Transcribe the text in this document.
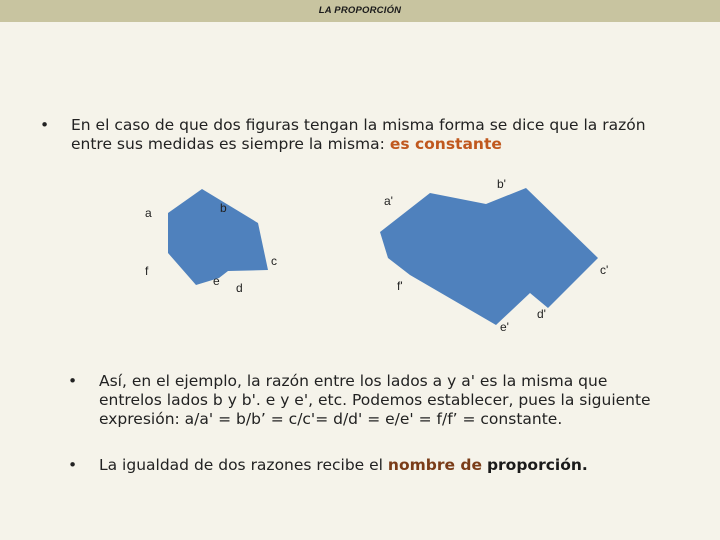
LA PROPORCIÓN
• En el caso de que dos figuras tengan la misma forma se dice que la razón entre sus medidas es siempre la misma: es constante
a	b
c
d
e
f
a'
b'
c'
d'
e'
f'
• Así, en el ejemplo, la razón entre los lados a y a' es la misma que entrelos lados b y b'. e y e', etc. Podemos establecer, pues la siguiente expresión: a/a' = b/b’ = c/c'= d/d' = e/e' = f/f’ = constante.
• La igualdad de dos razones recibe el nombre de proporción.
